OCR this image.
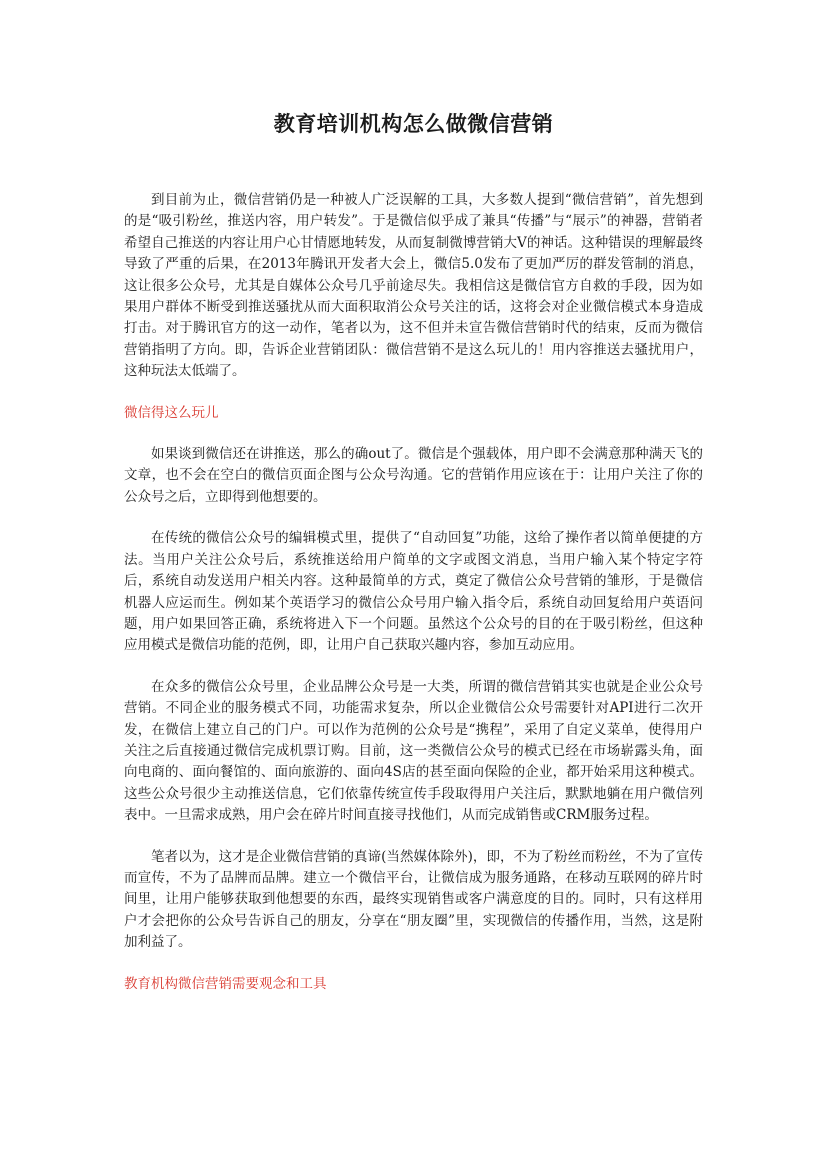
教育培训机构怎么做微信营销

到目前为止，微信营销仍是一种被人广泛误解的工具，大多数人提到“微信营销”，首先想到的是“吸引粉丝，推送内容，用户转发”。于是微信似乎成了兼具“传播”与“展示”的神器，营销者希望自己推送的内容让用户心甘情愿地转发，从而复制微博营销大V的神话。这种错误的理解最终导致了严重的后果，在2013年腾讯开发者大会上，微信5.0发布了更加严厉的群发管制的消息，这让很多公众号，尤其是自媒体公众号几乎前途尽失。我相信这是微信官方自救的手段，因为如果用户群体不断受到推送骚扰从而大面积取消公众号关注的话，这将会对企业微信模式本身造成打击。对于腾讯官方的这一动作，笔者以为，这不但并未宣告微信营销时代的结束，反而为微信营销指明了方向。即，告诉企业营销团队：微信营销不是这么玩儿的！用内容推送去骚扰用户，这种玩法太低端了。

微信得这么玩儿

如果谈到微信还在讲推送，那么的确out了。微信是个强载体，用户即不会满意那种满天飞的文章，也不会在空白的微信页面企图与公众号沟通。它的营销作用应该在于：让用户关注了你的公众号之后，立即得到他想要的。

在传统的微信公众号的编辑模式里，提供了“自动回复”功能，这给了操作者以简单便捷的方法。当用户关注公众号后，系统推送给用户简单的文字或图文消息，当用户输入某个特定字符后，系统自动发送用户相关内容。这种最简单的方式，奠定了微信公众号营销的雏形，于是微信机器人应运而生。例如某个英语学习的微信公众号用户输入指令后，系统自动回复给用户英语问题，用户如果回答正确，系统将进入下一个问题。虽然这个公众号的目的在于吸引粉丝，但这种应用模式是微信功能的范例，即，让用户自己获取兴趣内容，参加互动应用。

在众多的微信公众号里，企业品牌公众号是一大类，所谓的微信营销其实也就是企业公众号营销。不同企业的服务模式不同，功能需求复杂，所以企业微信公众号需要针对API进行二次开发，在微信上建立自己的门户。可以作为范例的公众号是“携程”，采用了自定义菜单，使得用户关注之后直接通过微信完成机票订购。目前，这一类微信公众号的模式已经在市场崭露头角，面向电商的、面向餐馆的、面向旅游的、面向4S店的甚至面向保险的企业，都开始采用这种模式。这些公众号很少主动推送信息，它们依靠传统宣传手段取得用户关注后，默默地躺在用户微信列表中。一旦需求成熟，用户会在碎片时间直接寻找他们，从而完成销售或CRM服务过程。

笔者以为，这才是企业微信营销的真谛(当然媒体除外)，即，不为了粉丝而粉丝，不为了宣传而宣传，不为了品牌而品牌。建立一个微信平台，让微信成为服务通路，在移动互联网的碎片时间里，让用户能够获取到他想要的东西，最终实现销售或客户满意度的目的。同时，只有这样用户才会把你的公众号告诉自己的朋友，分享在“朋友圈”里，实现微信的传播作用，当然，这是附加利益了。

教育机构微信营销需要观念和工具
